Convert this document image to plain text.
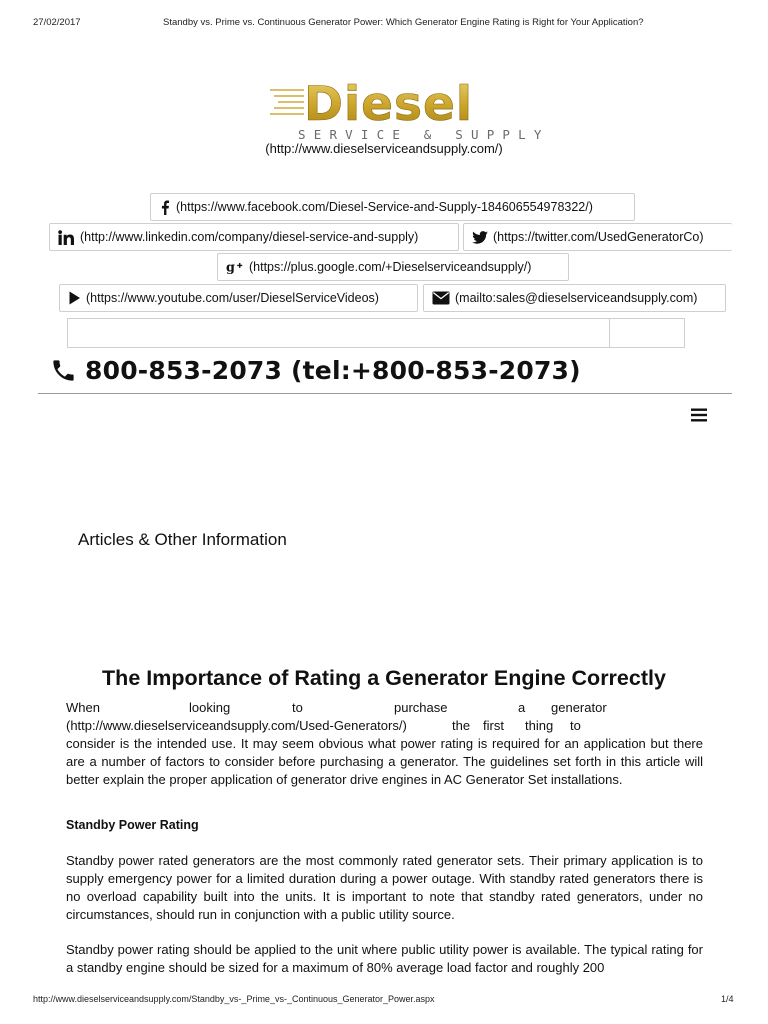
27/02/2017	Standby vs. Prime vs. Continuous Generator Power: Which Generator Engine Rating is Right for Your Application?
Diesel
SERVICE & SUPPLY
(http://www.dieselserviceandsupply.com/)
(https://www.facebook.com/Diesel-Service-and-Supply-184606554978322/)
(http://www.linkedin.com/company/diesel-service-and-supply)	(https://twitter.com/UsedGeneratorCo)
g (https://plus.google.com/+Dieselserviceandsupply/)
(https://www.youtube.com/user/DieselServiceVideos)	(mailto:sales@dieselserviceandsupply.com)
800-853-2073 (tel:+800-853-2073)
Articles & Other Information
The Importance of Rating a Generator Engine Correctly
When	looking	to	purchase	a generator
(http://www.dieselserviceandsupply.com/Used-Generators/)	the first thing to

consider is the intended use. It may seem obvious what power rating is required for an application but there are a number of factors to consider before purchasing a generator. The guidelines set forth in this article will better explain the proper application of generator drive engines in AC Generator Set installations.

Standby Power Rating

Standby power rated generators are the most commonly rated generator sets. Their primary application is to supply emergency power for a limited duration during a power outage. With standby rated generators there is no overload capability built into the units. It is important to note that standby rated generators, under no circumstances, should run in conjunction with a public utility source.

Standby power rating should be applied to the unit where public utility power is available. The typical rating for a standby engine should be sized for a maximum of 80% average load factor and roughly 200

http://www.dieselserviceandsupply.com/Standby_vs-_Prime_vs-_Continuous_Generator_Power.aspx	1/4
